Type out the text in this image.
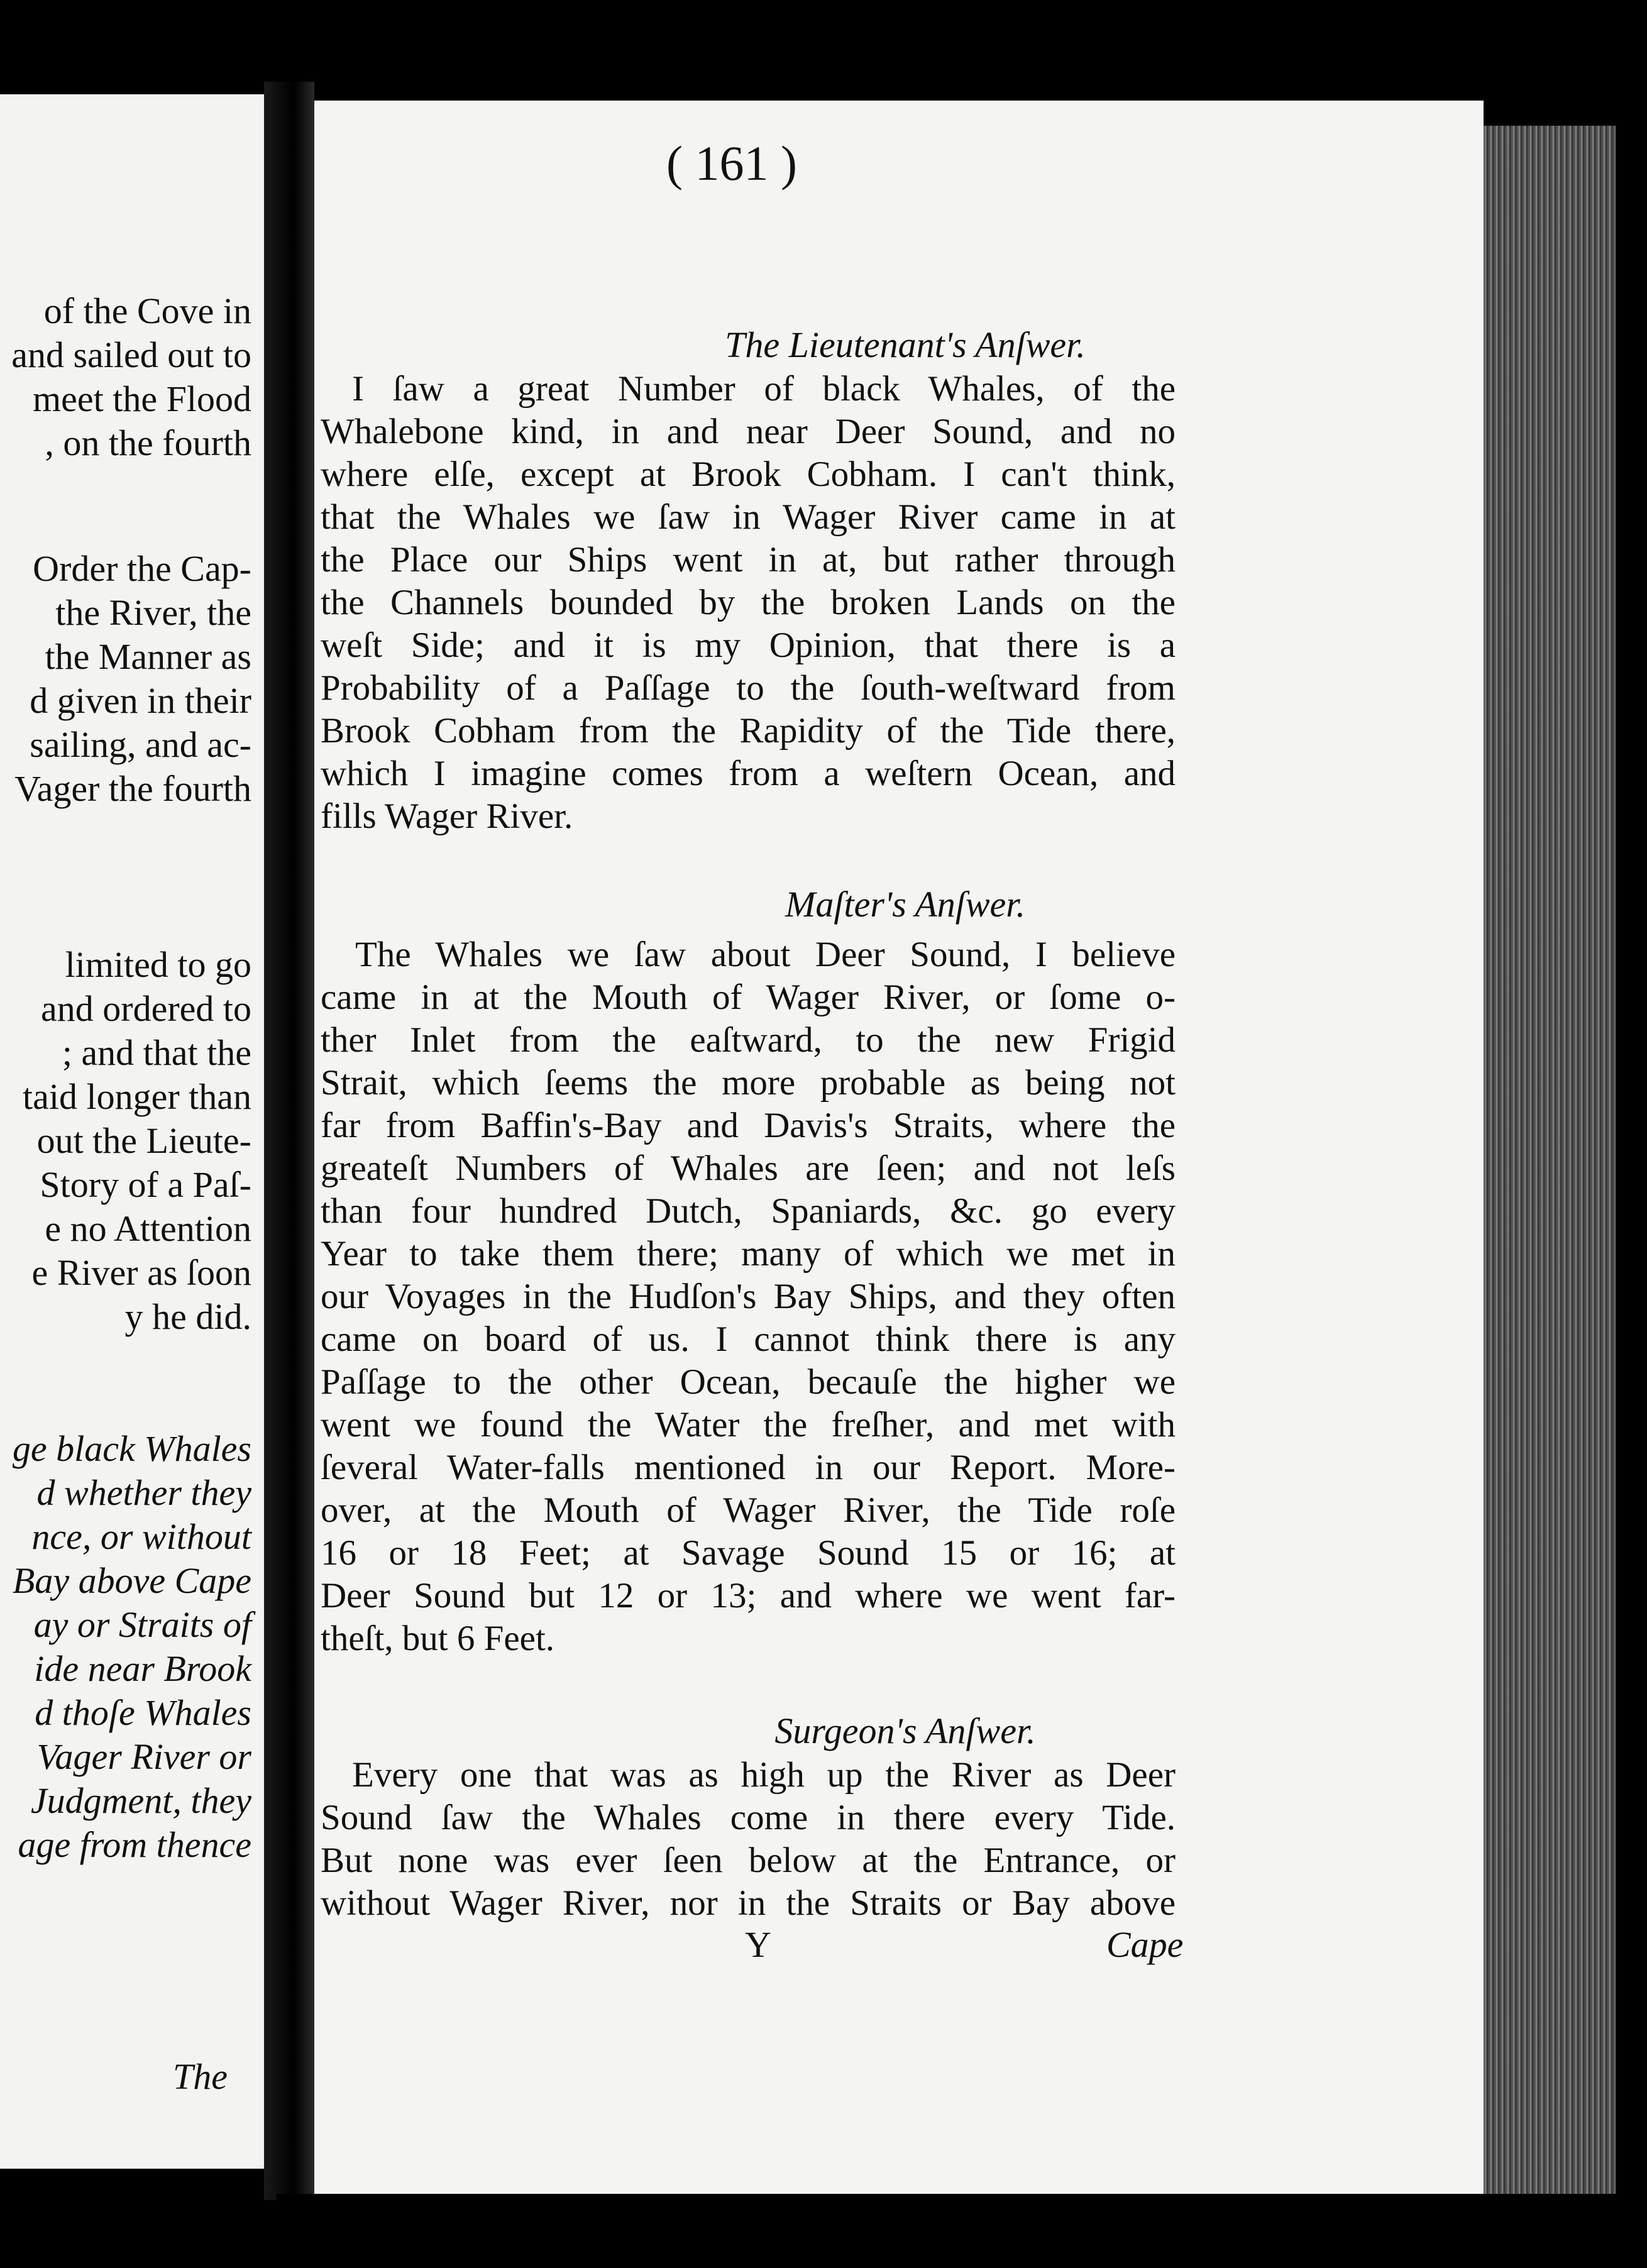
of the Cove in
and sailed out to
meet the Flood
, on the fourth
Order the Cap-
the River, the
the Manner as
d given in their
sailing, and ac-
Vager the fourth
limited to go
and ordered to
; and that the
taid longer than
out the Lieute-
Story of a Paſ-
e no Attention
e River as ſoon
y he did.
ge black Whales
d whether they
nce, or without
Bay above Cape
ay or Straits of
ide near Brook
d thoſe Whales
Vager River or
Judgment, they
age from thence
The
( 161 )
The Lieutenant's Anſwer.
I ſaw a great Number of black Whales, of the
Whalebone kind, in and near Deer Sound, and no
where elſe, except at Brook Cobham. I can't think,
that the Whales we ſaw in Wager River came in at
the Place our Ships went in at, but rather through
the Channels bounded by the broken Lands on the
weſt Side; and it is my Opinion, that there is a
Probability of a Paſſage to the ſouth-weſtward from
Brook Cobham from the Rapidity of the Tide there,
which I imagine comes from a weſtern Ocean, and
fills Wager River.
Maſter's Anſwer.
The Whales we ſaw about Deer Sound, I believe
came in at the Mouth of Wager River, or ſome o-
ther Inlet from the eaſtward, to the new Frigid
Strait, which ſeems the more probable as being not
far from Baffin's-Bay and Davis's Straits, where the
greateſt Numbers of Whales are ſeen; and not leſs
than four hundred Dutch, Spaniards, &c. go every
Year to take them there; many of which we met in
our Voyages in the Hudſon's Bay Ships, and they often
came on board of us. I cannot think there is any
Paſſage to the other Ocean, becauſe the higher we
went we found the Water the freſher, and met with
ſeveral Water-falls mentioned in our Report. More-
over, at the Mouth of Wager River, the Tide roſe
16 or 18 Feet; at Savage Sound 15 or 16; at
Deer Sound but 12 or 13; and where we went far-
theſt, but 6 Feet.
Surgeon's Anſwer.
Every one that was as high up the River as Deer
Sound ſaw the Whales come in there every Tide.
But none was ever ſeen below at the Entrance, or
without Wager River, nor in the Straits or Bay above
Y	Cape
